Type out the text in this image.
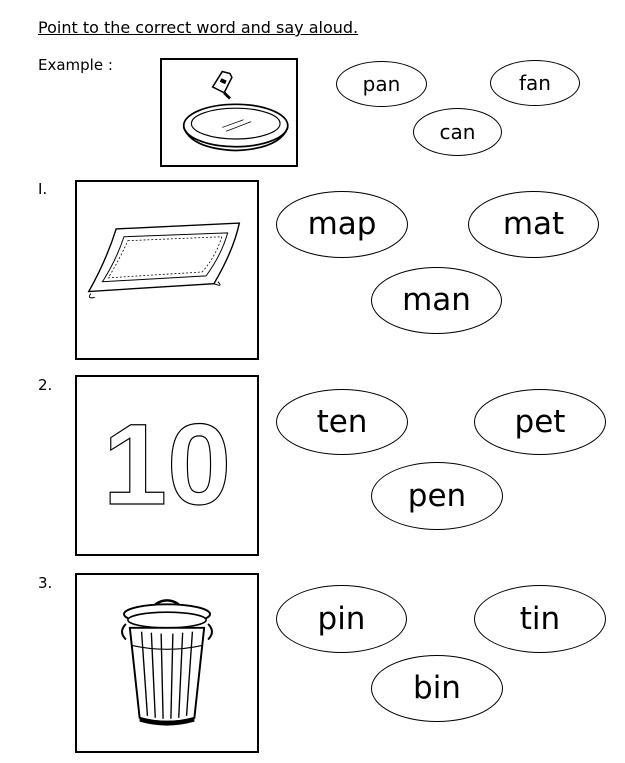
Point to the correct word and say aloud.
Example :
pan
can
fan
I.
map	mat
man
2.
10	ten	pet
pen
3.
pin	tin
bin
